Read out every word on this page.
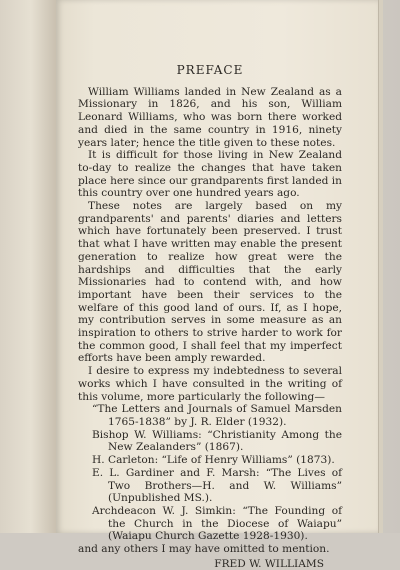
PREFACE

William Williams landed in New Zealand as a Missionary in 1826, and his son, William Leonard Williams, who was born there worked and died in the same country in 1916, ninety years later; hence the title given to these notes.

It is difficult for those living in New Zealand to-day to realize the changes that have taken place here since our grandparents first landed in this country over one hundred years ago.

These notes are largely based on my grandparents' and parents' diaries and letters which have fortunately been preserved. I trust that what I have written may enable the present generation to realize how great were the hardships and difficulties that the early Missionaries had to contend with, and how important have been their services to the welfare of this good land of ours. If, as I hope, my contribution serves in some measure as an inspiration to others to strive harder to work for the common good, I shall feel that my imperfect efforts have been amply rewarded.

I desire to express my indebtedness to several works which I have consulted in the writing of this volume, more particularly the following—

“The Letters and Journals of Samuel Marsden 1765-1838” by J. R. Elder (1932).

Bishop W. Williams: “Christianity Among the New Zealanders” (1867).

H. Carleton: “Life of Henry Williams” (1873).

E. L. Gardiner and F. Marsh: “The Lives of Two Brothers—H. and W. Williams” (Unpublished MS.).

Archdeacon W. J. Simkin: “The Founding of the Church in the Diocese of Waiapu” (Waiapu Church Gazette 1928-1930).

and any others I may have omitted to mention.

FRED W. WILLIAMS
